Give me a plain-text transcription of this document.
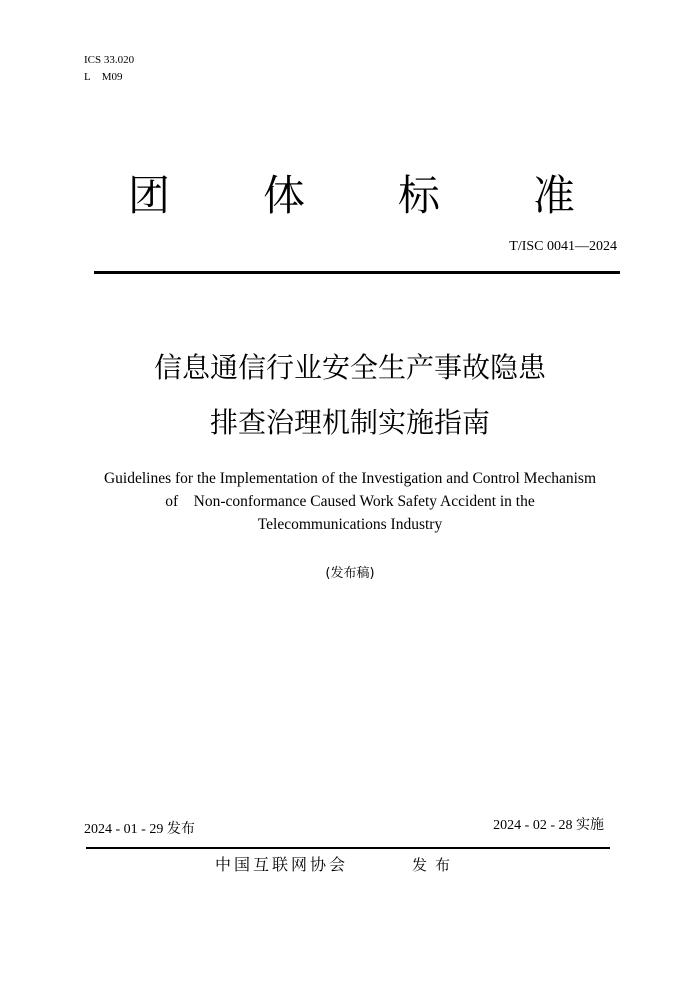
ICS 33.020
L    M09
团 体 标 准
T/ISC 0041—2024
信息通信行业安全生产事故隐患
排查治理机制实施指南
Guidelines for the Implementation of the Investigation and Control Mechanism
of    Non-conformance Caused Work Safety Accident in the
Telecommunications Industry
(发布稿)
2024 - 01 - 29 发布	2024 - 02 - 28 实施
中国互联网协会	发布
